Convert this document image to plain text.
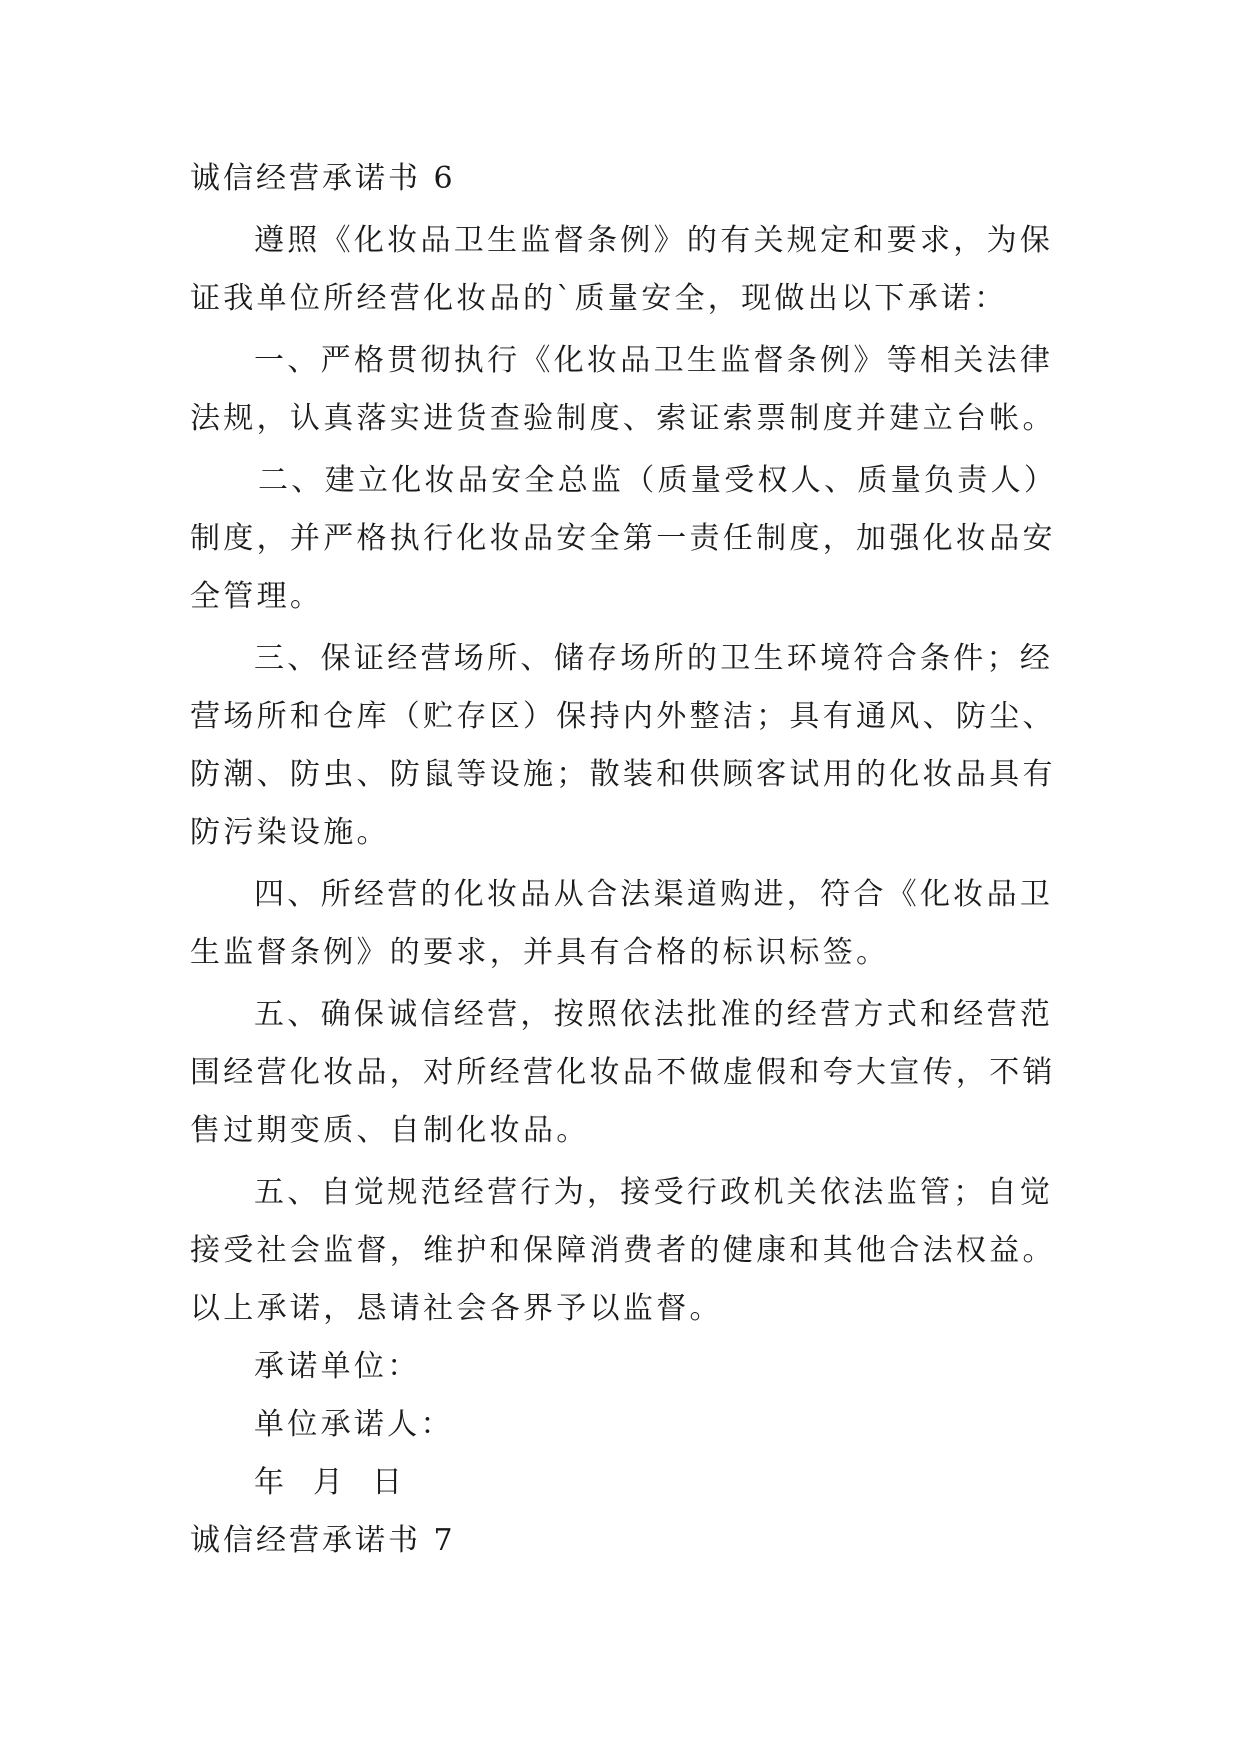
诚信经营承诺书 6
遵照《化妆品卫生监督条例》的有关规定和要求，为保
证我单位所经营化妆品的`质量安全，现做出以下承诺：
一、严格贯彻执行《化妆品卫生监督条例》等相关法律
法规，认真落实进货查验制度、索证索票制度并建立台帐。
二、建立化妆品安全总监（质量受权人、质量负责人）
制度，并严格执行化妆品安全第一责任制度，加强化妆品安
全管理。
三、保证经营场所、储存场所的卫生环境符合条件；经
营场所和仓库（贮存区）保持内外整洁；具有通风、防尘、
防潮、防虫、防鼠等设施；散装和供顾客试用的化妆品具有
防污染设施。
四、所经营的化妆品从合法渠道购进，符合《化妆品卫
生监督条例》的要求，并具有合格的标识标签。
五、确保诚信经营，按照依法批准的经营方式和经营范
围经营化妆品，对所经营化妆品不做虚假和夸大宣传，不销
售过期变质、自制化妆品。
五、自觉规范经营行为，接受行政机关依法监管；自觉
接受社会监督，维护和保障消费者的健康和其他合法权益。
以上承诺，恳请社会各界予以监督。
承诺单位：
单位承诺人：
年  月  日
诚信经营承诺书 7
